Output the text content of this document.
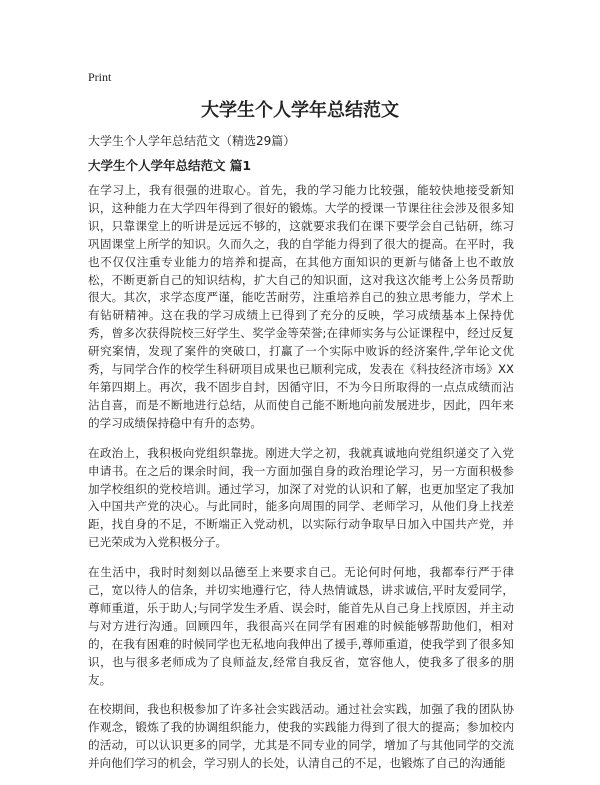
Print
大学生个人学年总结范文

大学生个人学年总结范文（精选29篇）

大学生个人学年总结范文 篇1

在学习上，我有很强的进取心。首先，我的学习能力比较强，能较快地接受新知识，这种能力在大学四年得到了很好的锻炼。大学的授课一节课往往会涉及很多知识，只靠课堂上的听讲是远远不够的，这就要求我们在课下要学会自己钻研，练习巩固课堂上所学的知识。久而久之，我的自学能力得到了很大的提高。在平时，我也不仅仅注重专业能力的培养和提高，在其他方面知识的更新与储备上也不敢放松，不断更新自己的知识结构，扩大自己的知识面，这对我这次能考上公务员帮助很大。其次，求学态度严谨，能吃苦耐劳，注重培养自己的独立思考能力，学术上有钻研精神。这在我的学习成绩上已得到了充分的反映，学习成绩基本上保持优秀，曾多次获得院校三好学生、奖学金等荣誉;在律师实务与公证课程中，经过反复研究案情，发现了案件的突破口，打赢了一个实际中败诉的经济案件,学年论文优秀，与同学合作的校学生科研项目成果也已顺利完成，发表在《科技经济市场》XX年第四期上。再次，我不固步自封，因循守旧，不为今日所取得的一点点成绩而沾沾自喜，而是不断地进行总结，从而使自己能不断地向前发展进步，因此，四年来的学习成绩保持稳中有升的态势。

在政治上，我积极向党组织靠拢。刚进大学之初，我就真诚地向党组织递交了入党申请书。在之后的课余时间，我一方面加强自身的政治理论学习，另一方面积极参加学校组织的党校培训。通过学习，加深了对党的认识和了解，也更加坚定了我加入中国共产党的决心。与此同时，能多向周围的同学、老师学习，从他们身上找差距，找自身的不足，不断端正入党动机，以实际行动争取早日加入中国共产党，并已光荣成为入党积极分子。

在生活中，我时时刻刻以品德至上来要求自己。无论何时何地，我都奉行严于律己，宽以待人的信条，并切实地遵行它，待人热情诚恳，讲求诚信,平时友爱同学，尊师重道，乐于助人;与同学发生矛盾、误会时，能首先从自己身上找原因，并主动与对方进行沟通。回顾四年，我很高兴在同学有困难的时候能够帮助他们，相对的，在我有困难的时候同学也无私地向我伸出了援手,尊师重道，使我学到了很多知识，也与很多老师成为了良师益友,经常自我反省，宽容他人，使我多了很多的朋友。

在校期间，我也积极参加了许多社会实践活动。通过社会实践，加强了我的团队协作观念，锻炼了我的协调组织能力，使我的实践能力得到了很大的提高；参加校内的活动，可以认识更多的同学，尤其是不同专业的同学，增加了与其他同学的交流并向他们学习的机会，学习别人的长处，认清自己的不足，也锻炼了自己的沟通能
